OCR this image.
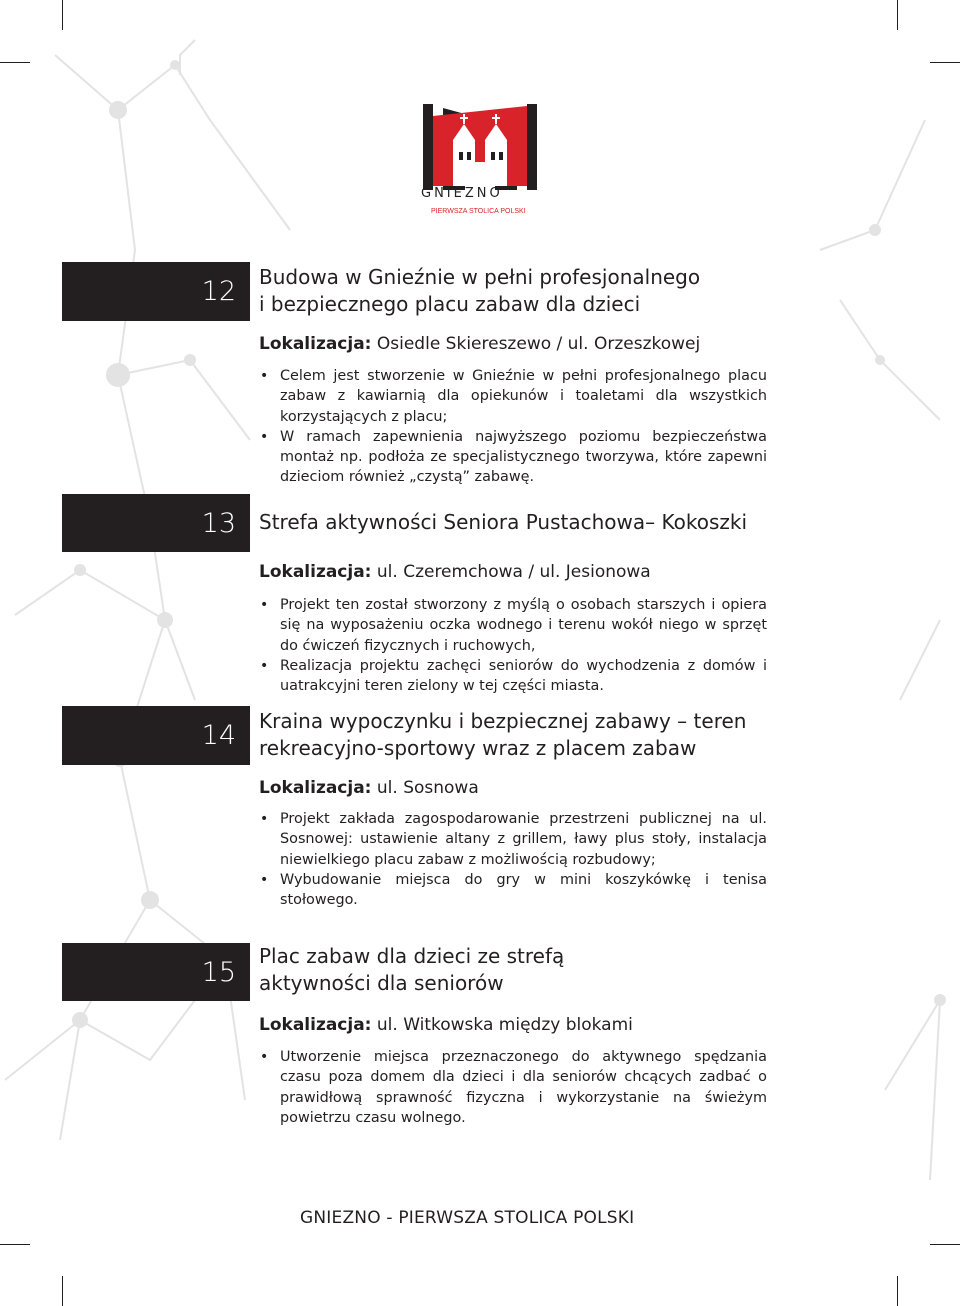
GNIEZNO
PIERWSZA STOLICA POLSKI
12 Budowa w Gnieźnie w pełni profesjonalnego
i bezpiecznego placu zabaw dla dzieci
Lokalizacja: Osiedle Skiereszewo / ul. Orzeszkowej
• Celem jest stworzenie w Gnieźnie w pełni profesjonalnego placu zabaw z kawiarnią dla opiekunów i toaletami dla wszystkich korzystających z placu;
• W ramach zapewnienia najwyższego poziomu bezpieczeństwa montaż np. podłoża ze specjalistycznego tworzywa, które zapewni dzieciom również „czystą” zabawę.
13 Strefa aktywności Seniora Pustachowa– Kokoszki
Lokalizacja: ul. Czeremchowa / ul. Jesionowa
• Projekt ten został stworzony z myślą o osobach starszych i opiera się na wyposażeniu oczka wodnego i terenu wokół niego w sprzęt do ćwiczeń fizycznych i ruchowych,
• Realizacja projektu zachęci seniorów do wychodzenia z domów i uatrakcyjni teren zielony w tej części miasta.
14 Kraina wypoczynku i bezpiecznej zabawy – teren
rekreacyjno-sportowy wraz z placem zabaw
Lokalizacja: ul. Sosnowa
• Projekt zakłada zagospodarowanie przestrzeni publicznej na ul. Sosnowej: ustawienie altany z grillem, ławy plus stoły, instalacja niewielkiego placu zabaw z możliwością rozbudowy;
• Wybudowanie miejsca do gry w mini koszykówkę i tenisa stołowego.
15
Plac zabaw dla dzieci ze strefą
aktywności dla seniorów
Lokalizacja: ul. Witkowska między blokami
• Utworzenie miejsca przeznaczonego do aktywnego spędzania czasu poza domem dla dzieci i dla seniorów chcących zadbać o prawidłową sprawność fizyczna i wykorzystanie na świeżym powietrzu czasu wolnego.
GNIEZNO - PIERWSZA STOLICA POLSKI
